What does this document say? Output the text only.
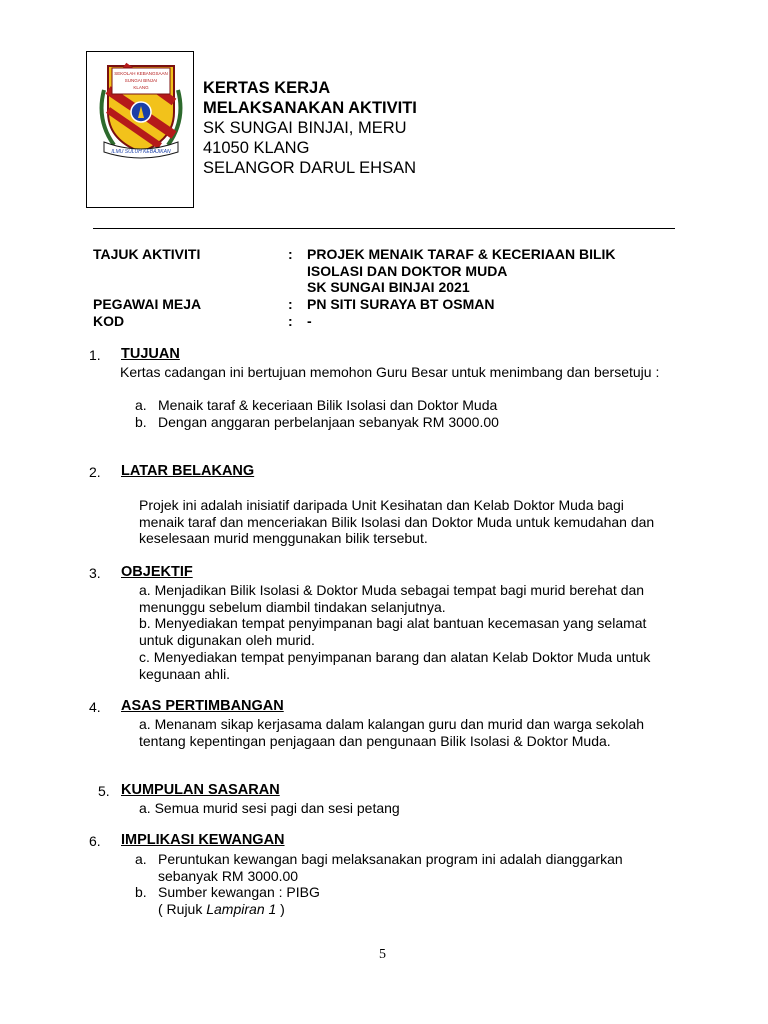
SEKOLAH KEBANGSAAN
SUNGAI BINJAI
KLANG
ILMU SULUH KEBAJIKAN
KERTAS KERJA
MELAKSANAKAN AKTIVITI
SK SUNGAI BINJAI, MERU
41050 KLANG
SELANGOR DARUL EHSAN
TAJUK AKTIVITI	: PROJEK MENAIK TARAF & KECERIAAN BILIK
ISOLASI DAN DOKTOR MUDA
SK SUNGAI BINJAI 2021
PEGAWAI MEJA	: PN SITI SURAYA BT OSMAN
KOD	: -
1. TUJUAN
Kertas cadangan ini bertujuan memohon Guru Besar untuk menimbang dan bersetuju :
a. Menaik taraf & keceriaan Bilik Isolasi dan Doktor Muda
b. Dengan anggaran perbelanjaan sebanyak RM 3000.00
2. LATAR BELAKANG
Projek ini adalah inisiatif daripada Unit Kesihatan dan Kelab Doktor Muda bagi menaik taraf dan menceriakan Bilik Isolasi dan Doktor Muda untuk kemudahan dan keselesaan murid menggunakan bilik tersebut.
3. OBJEKTIF
a. Menjadikan Bilik Isolasi & Doktor Muda sebagai tempat bagi murid berehat dan menunggu sebelum diambil tindakan selanjutnya.
b. Menyediakan tempat penyimpanan bagi alat bantuan kecemasan yang selamat untuk digunakan oleh murid.
c. Menyediakan tempat penyimpanan barang dan alatan Kelab Doktor Muda untuk kegunaan ahli.
4. ASAS PERTIMBANGAN
a. Menanam sikap kerjasama dalam kalangan guru dan murid dan warga sekolah tentang kepentingan penjagaan dan pengunaan Bilik Isolasi & Doktor Muda.
5. KUMPULAN SASARAN
a. Semua murid sesi pagi dan sesi petang
6. IMPLIKASI KEWANGAN
a. Peruntukan kewangan bagi melaksanakan program ini adalah dianggarkan sebanyak RM 3000.00
b. Sumber kewangan : PIBG
( Rujuk Lampiran 1 )
5
